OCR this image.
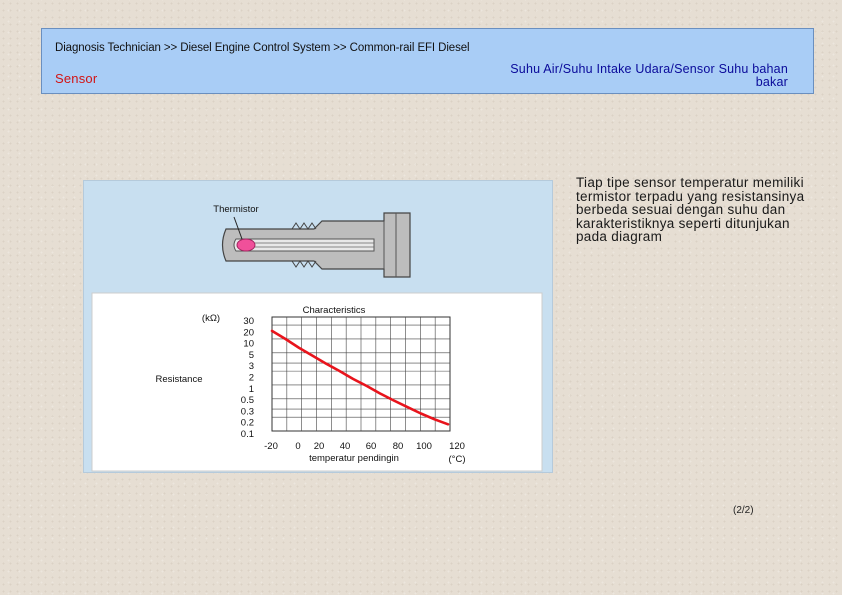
Diagnosis Technician >> Diesel Engine Control System >> Common-rail EFI Diesel
Sensor
Suhu Air/Suhu Intake Udara/Sensor Suhu bahan bakar
Tiap tipe sensor temperatur memiliki termistor terpadu yang resistansinya berbeda sesuai dengan suhu dan karakteristiknya seperti ditunjukan pada diagram
(2/2)
Characteristics
(kΩ)
Resistance
temperatur pendingin	(°C)
30
20
10
5
3
2
1
0.5
0.3
0.2
0.1
-20 0 20 40 60 80 100 120
Thermistor
